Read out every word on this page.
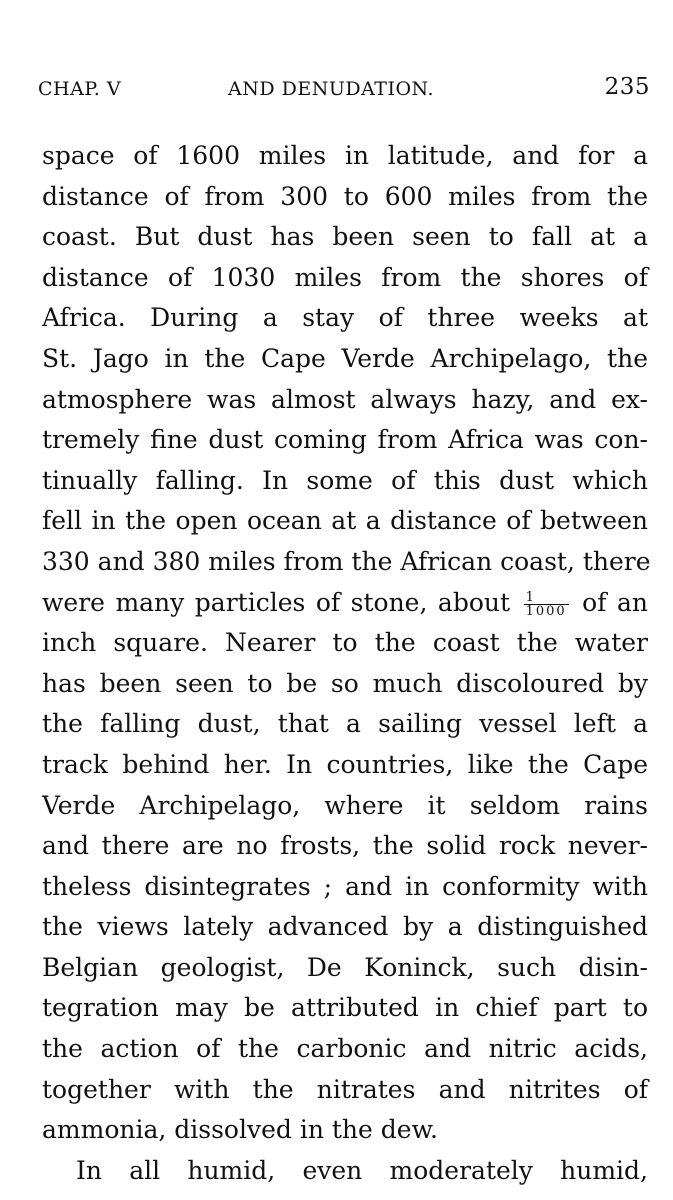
CHAP. V	AND DENUDATION.	235
space of 1600 miles in latitude, and for a
distance of from 300 to 600 miles from the
coast. But dust has been seen to fall at a
distance of 1030 miles from the shores of
Africa. During a stay of three weeks at
St. Jago in the Cape Verde Archipelago, the
atmosphere was almost always hazy, and ex-
tremely fine dust coming from Africa was con-
tinually falling. In some of this dust which
fell in the open ocean at a distance of between
330 and 380 miles from the African coast, there
were many particles of stone, about $\frac{1}{1000}$ of an
inch square. Nearer to the coast the water
has been seen to be so much discoloured by
the falling dust, that a sailing vessel left a
track behind her. In countries, like the Cape
Verde Archipelago, where it seldom rains
and there are no frosts, the solid rock never-
theless disintegrates ; and in conformity with
the views lately advanced by a distinguished
Belgian geologist, De Koninck, such disin-
tegration may be attributed in chief part to
the action of the carbonic and nitric acids,
together with the nitrates and nitrites of
ammonia, dissolved in the dew.
In all humid, even moderately humid,
